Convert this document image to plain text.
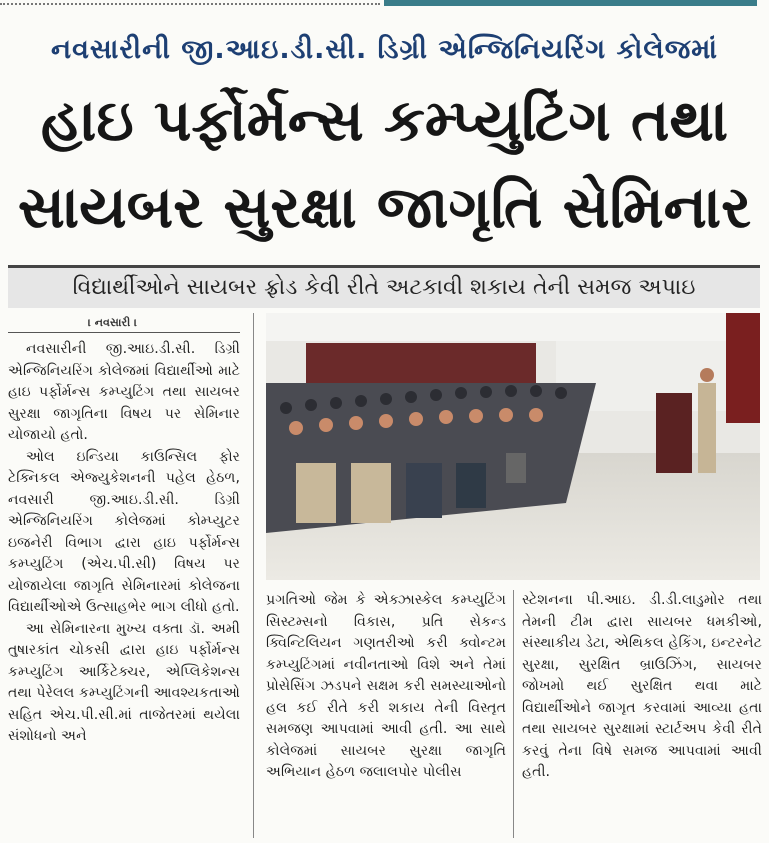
નવસારીની જી.આઇ.ડી.સી. ડિગ્રી એન્જિનિયરિંગ કોલેજમાં
હાઇ પર્ફોર્મન્સ કમ્પ્યુટિંગ તથા
સાયબર સુરક્ષા જાગૃતિ સેમિનાર
વિદ્યાર્થીઓને સાયબર ફ્રોડ કેવી રીતે અટકાવી શકાય તેની સમજ અપાઇ
। નવસારી ।

નવસારીની જી.આઇ.ડી.સી. ડિગ્રી એન્જિનિયરિંગ કોલેજમાં વિદ્યાર્થીઓ માટે હાઇ પર્ફોર્મન્સ કમ્પ્યુટિંગ તથા સાયબર સુરક્ષા જાગૃતિના વિષય પર સેમિનાર યોજાયો હતો.

ઓલ ઇન્ડિયા કાઉન્સિલ ફોર ટેક્નિકલ એજ્યુકેશનની પહેલ હેઠળ, નવસારી જી.આઇ.ડી.સી. ડિગ્રી એન્જિનિયરિંગ કોલેજમાં કોમ્પ્યુટર ઇજનેરી વિભાગ દ્વારા હાઇ પર્ફોર્મન્સ કમ્પ્યુટિંગ (એચ.પી.સી) વિષય પર યોજાયેલા જાગૃતિ સેમિનારમાં કોલેજના વિદ્યાર્થીઓએ ઉત્સાહભેર ભાગ લીધો હતો.

આ સેમિનારના મુખ્ય વક્તા ડૉ. અમી તુષારકાંત ચોકસી દ્વારા હાઇ પર્ફોર્મન્સ કમ્પ્યુટિંગ આર્કિટેક્ચર, એપ્લિકેશન્સ તથા પેરેલલ કમ્પ્યુટિંગની આવશ્યકતાઓ સહિત એચ.પી.સી.માં તાજેતરમાં થયેલા સંશોધનો અને

પ્રગતિઓ જેમ કે એક્ઝાસ્કેલ કમ્પ્યુટિંગ સિસ્ટમ્સનો વિકાસ, પ્રતિ સેકન્ડ ક્વિન્ટિલિયન ગણતરીઓ કરી ક્વોન્ટમ કમ્પ્યુટિંગમાં નવીનતાઓ વિશે અને તેમાં પ્રોસેસિંગ ઝડપને સક્ષમ કરી સમસ્યાઓનો હલ કઈ રીતે કરી શકાય તેની વિસ્તૃત સમજણ આપવામાં આવી હતી. આ સાથે કોલેજમાં સાયબર સુરક્ષા જાગૃતિ અભિયાન હેઠળ જલાલપોર પોલીસ

સ્ટેશનના પી.આઇ. ડી.ડી.લાડુમોર તથા તેમની ટીમ દ્વારા સાયબર ધમકીઓ, સંસ્થાકીય ડેટા, એથિકલ હેકિંગ, ઇન્ટરનેટ સુરક્ષા, સુરક્ષિત બ્રાઉઝિંગ, સાયબર જોખમો થઈ સુરક્ષિત થવા માટે વિદ્યાર્થીઓને જાગૃત કરવામાં આવ્યા હતા તથા સાયબર સુરક્ષામાં સ્ટાર્ટઅપ કેવી રીતે કરવું તેના વિષે સમજ આપવામાં આવી હતી.
